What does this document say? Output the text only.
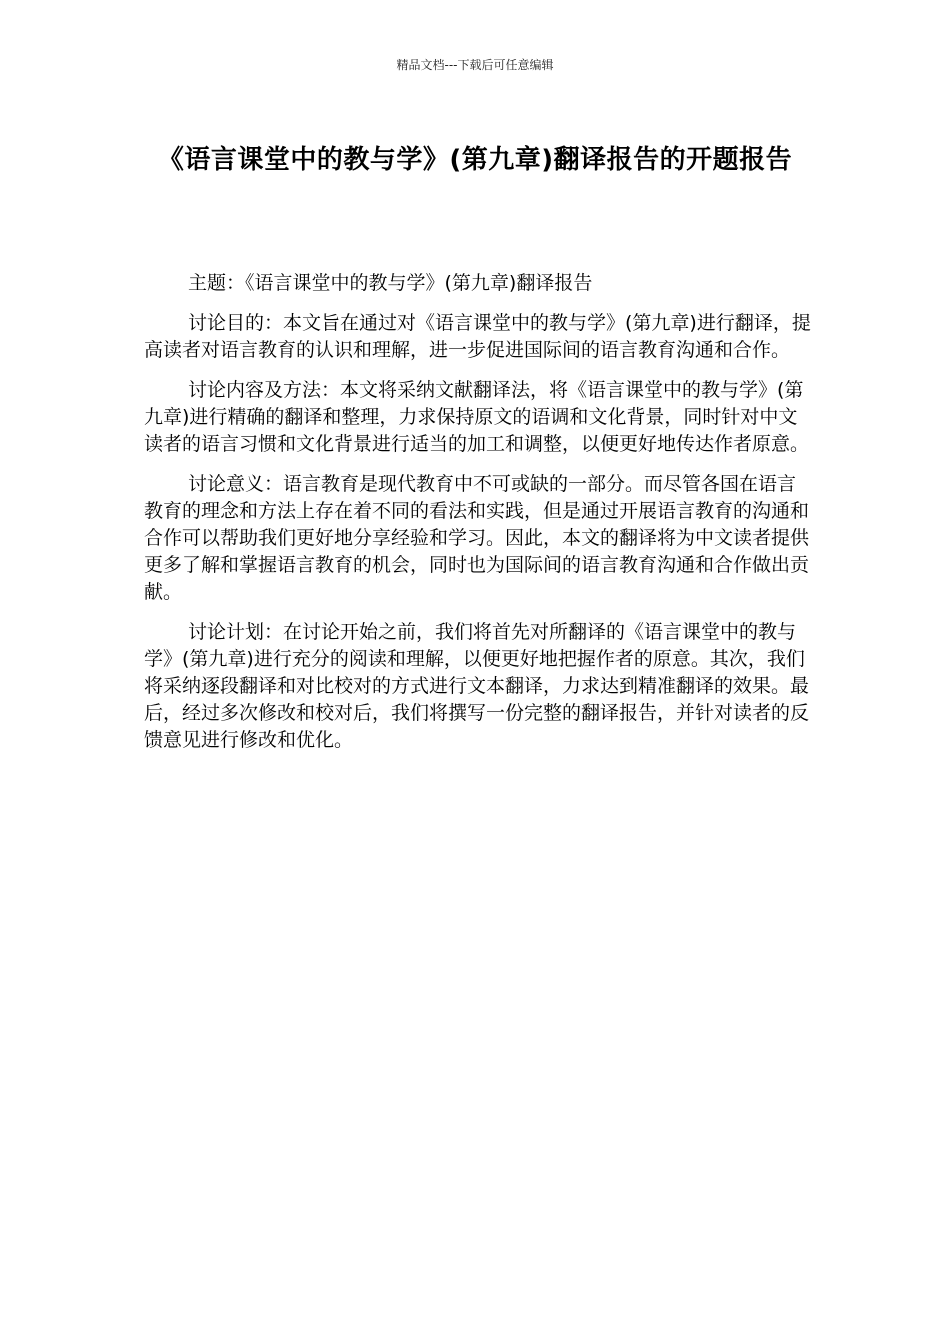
精品文档---下载后可任意编辑
《语言课堂中的教与学》(第九章)翻译报告的开题报告

主题：《语言课堂中的教与学》(第九章)翻译报告

讨论目的：本文旨在通过对《语言课堂中的教与学》(第九章)进行翻译，提高读者对语言教育的认识和理解，进一步促进国际间的语言教育沟通和合作。

讨论内容及方法：本文将采纳文献翻译法，将《语言课堂中的教与学》(第九章)进行精确的翻译和整理，力求保持原文的语调和文化背景，同时针对中文读者的语言习惯和文化背景进行适当的加工和调整，以便更好地传达作者原意。

讨论意义：语言教育是现代教育中不可或缺的一部分。而尽管各国在语言教育的理念和方法上存在着不同的看法和实践，但是通过开展语言教育的沟通和合作可以帮助我们更好地分享经验和学习。因此，本文的翻译将为中文读者提供更多了解和掌握语言教育的机会，同时也为国际间的语言教育沟通和合作做出贡献。

讨论计划：在讨论开始之前，我们将首先对所翻译的《语言课堂中的教与学》(第九章)进行充分的阅读和理解，以便更好地把握作者的原意。其次，我们将采纳逐段翻译和对比校对的方式进行文本翻译，力求达到精准翻译的效果。最后，经过多次修改和校对后，我们将撰写一份完整的翻译报告，并针对读者的反馈意见进行修改和优化。
